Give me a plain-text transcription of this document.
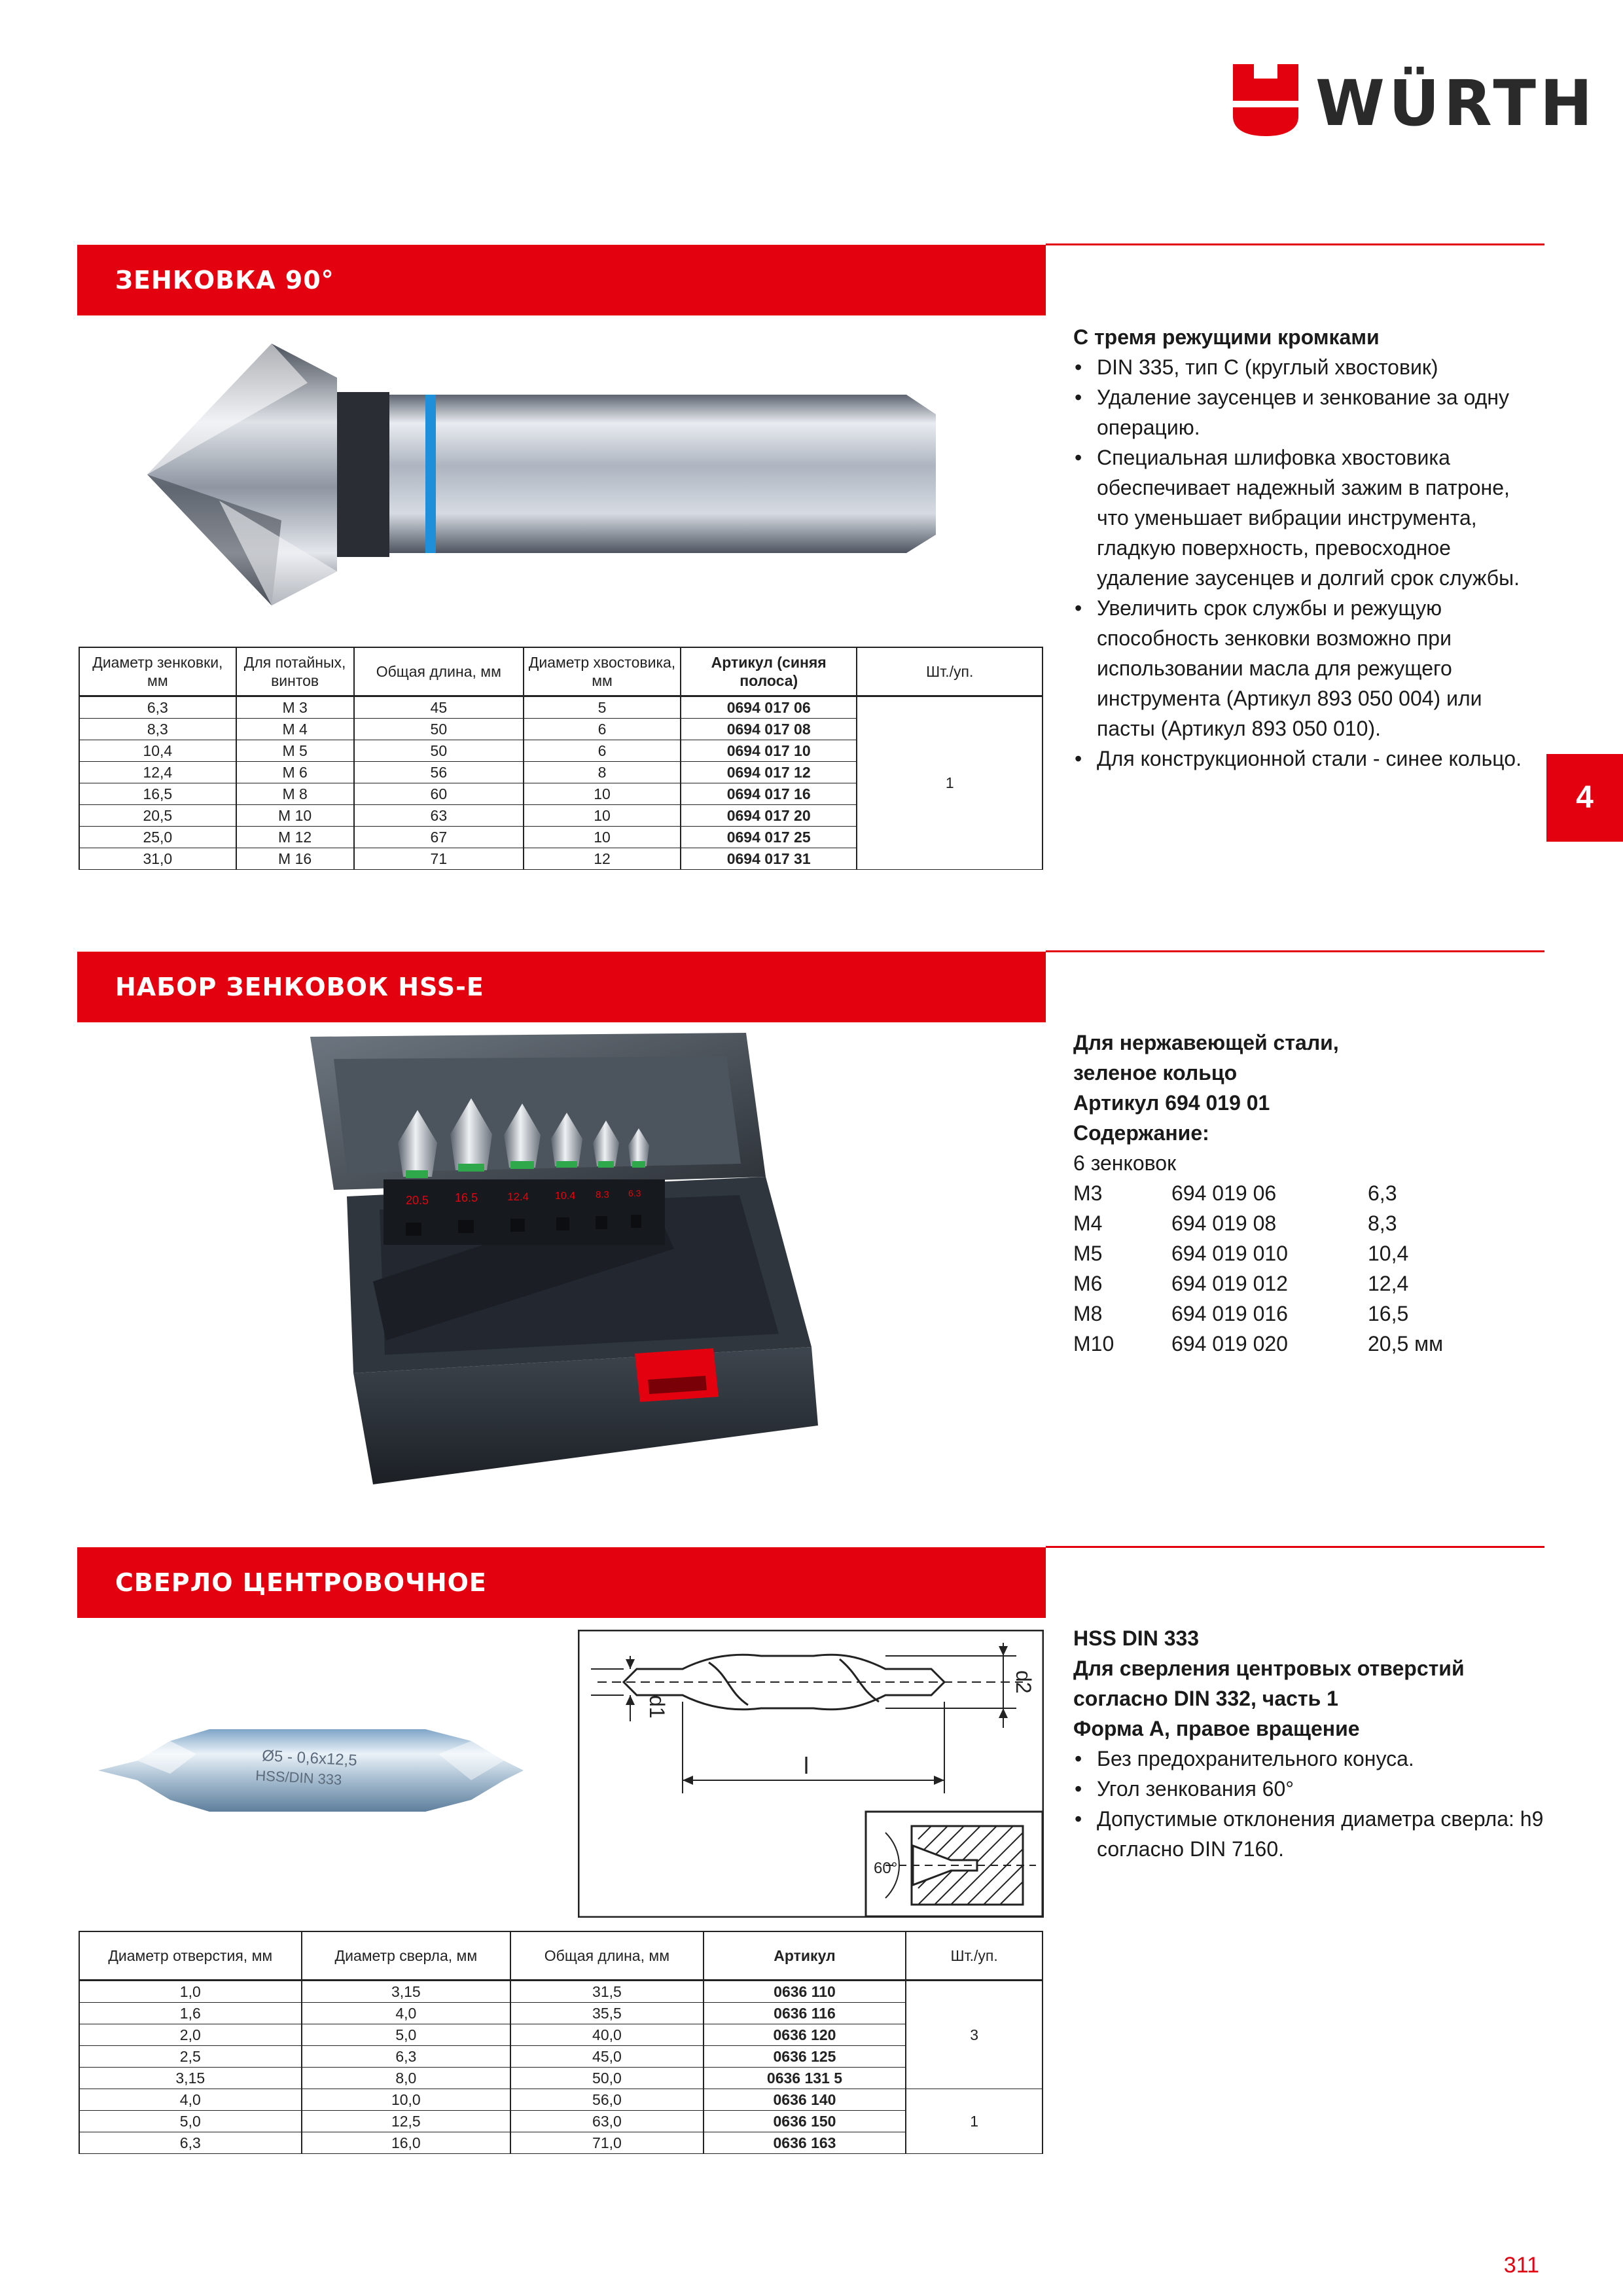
WÜRTH
ЗЕНКОВКА 90°
С тремя режущими кромками
• DIN 335, тип C (круглый хвостовик)
• Удаление заусенцев и зенкование за одну операцию.
• Специальная шлифовка хвостовика обеспечивает надежный зажим в патроне, что уменьшает вибрации инструмента, гладкую поверхность, превосходное удаление заусенцев и долгий срок службы.
• Увеличить срок службы и режущую способность зенковки возможно при использовании масла для режущего инструмента (Артикул 893 050 004) или пасты (Артикул 893 050 010).
• Для конструкционной стали - синее кольцо.
Диаметр зенковки, мм	Для потайных, винтов	Общая длина, мм	Диаметр хвостовика, мм	Артикул (синяя полоса)	Шт./уп.
6,3	M 3	45	5	0694 017 06	1
8,3	M 4	50	6	0694 017 08	
10,4	M 5	50	6	0694 017 10	
12,4	M 6	56	8	0694 017 12	
16,5	M 8	60	10	0694 017 16	
20,5	M 10	63	10	0694 017 20	
25,0	M 12	67	10	0694 017 25	
31,0	M 16	71	12	0694 017 31	
4
НАБОР ЗЕНКОВОК HSS-E
20.5 16.5	12.4 10.4 8.3 6.3
Для нержавеющей стали,
зеленое кольцо
Артикул 694 019 01
Содержание:
6 зенковок
M3	694 019 06	6,3
M4	694 019 08	8,3
M5	694 019 010	10,4
M6	694 019 012	12,4
M8	694 019 016	16,5
M10	694 019 020	20,5 мм
СВЕРЛО ЦЕНТРОВОЧНОЕ
Ø5 - 0,6x12,5
HSS/DIN 333
d1
d2
l
60°
HSS DIN 333
Для сверления центровых отверстий
согласно DIN 332, часть 1
Форма А, правое вращение
• Без предохранительного конуса.
• Угол зенкования 60°
• Допустимые отклонения диаметра сверла: h9 согласно DIN 7160.
Диаметр отверстия, мм	Диаметр сверла, мм	Общая длина, мм	Артикул	Шт./уп.
1,0	3,15	31,5	0636 110	3
1,6	4,0	35,5	0636 116	
2,0	5,0	40,0	0636 120	
2,5	6,3	45,0	0636 125	
3,15	8,0	50,0	0636 131 5	
4,0	10,0	56,0	0636 140	1
5,0	12,5	63,0	0636 150	
6,3	16,0	71,0	0636 163	
311
